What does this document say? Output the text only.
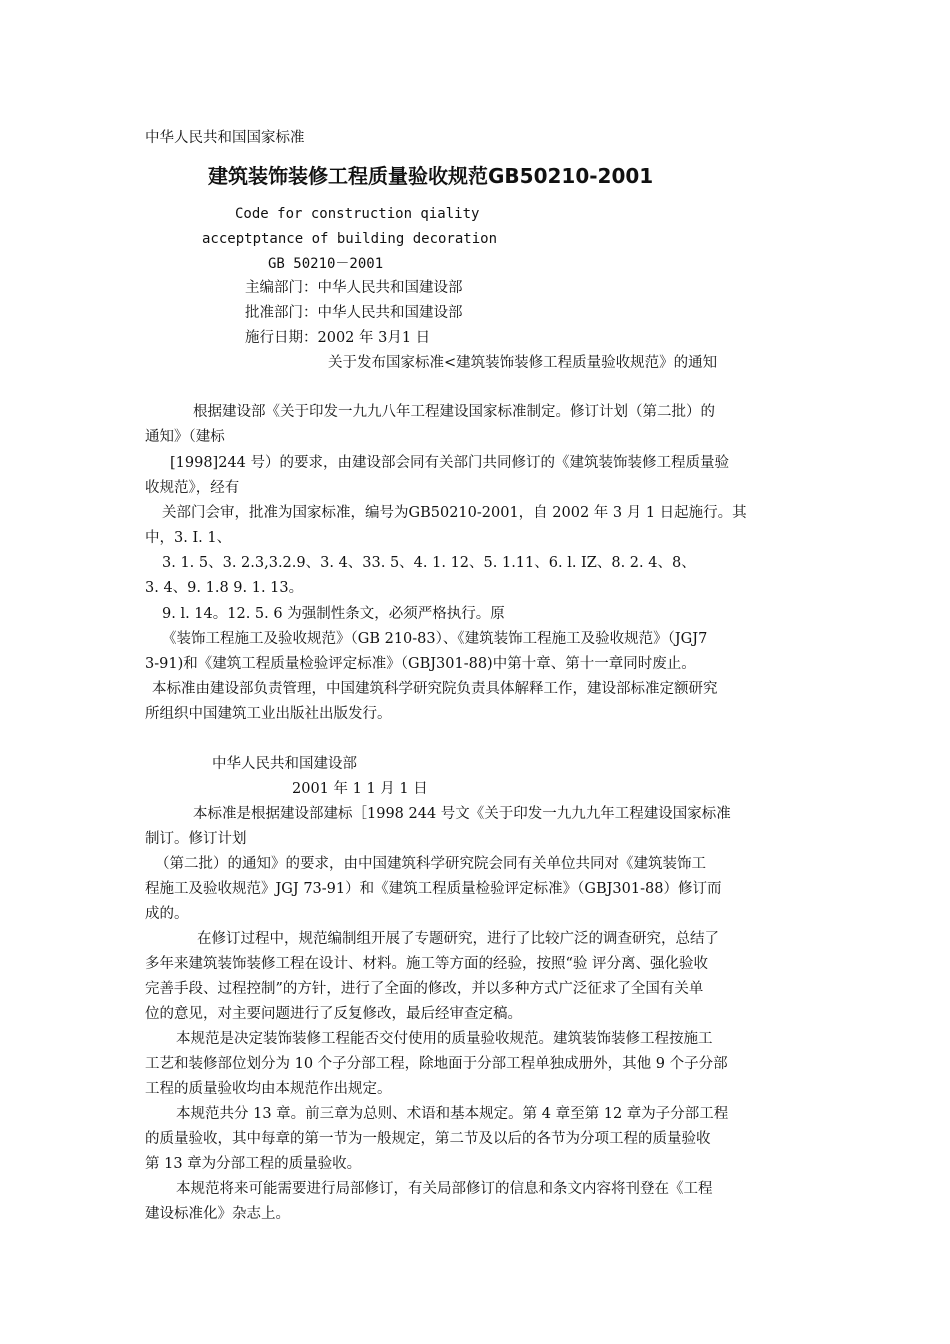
中华人民共和国国家标准
建筑装饰装修工程质量验收规范GB50210-2001
Code for construction qiality
acceptptance of building decoration
GB 50210－2001
主编部门：中华人民共和国建设部
批准部门：中华人民共和国建设部
施行日期：2002 年 3月1 日
关于发布国家标准<建筑装饰装修工程质量验收规范》的通知
根据建设部《关于印发一九九八年工程建设国家标准制定。修订计划（第二批）的
通知》（建标
[1998]244 号）的要求，由建设部会同有关部门共同修订的《建筑装饰装修工程质量验
收规范》，经有
关部门会审，批准为国家标准，编号为GB50210-2001，自 2002 年 3 月 1 日起施行。其
中，3. I. 1、
3. 1. 5、3. 2.3,3.2.9、3. 4、33. 5、4. 1. 12、5. 1.11、6. l. IZ、8. 2. 4、8、
3. 4、9. 1.8 9. 1. 13。
9. l. 14。12. 5. 6 为强制性条文，必须严格执行。原
《装饰工程施工及验收规范》（GB 210-83）、《建筑装饰工程施工及验收规范》（JGJ7
3-91)和《建筑工程质量检验评定标准》（GBJ301-88)中第十章、第十一章同时废止。
本标准由建设部负责管理，中国建筑科学研究院负责具体解释工作，建设部标准定额研究
所组织中国建筑工业出版社出版发行。
中华人民共和国建设部
2001 年 1 1 月 1 日
本标准是根据建设部建标［1998 244 号文《关于印发一九九九年工程建设国家标准
制订。修订计划
（第二批）的通知》的要求，由中国建筑科学研究院会同有关单位共同对《建筑装饰工
程施工及验收规范》JGJ 73-91）和《建筑工程质量检验评定标准》（GBJ301-88）修订而
成的。
在修订过程中，规范编制组开展了专题研究，进行了比较广泛的调查研究，总结了
多年来建筑装饰装修工程在设计、材料。施工等方面的经验，按照“验 评分离、强化验收
完善手段、过程控制”的方针，进行了全面的修改，并以多种方式广泛征求了全国有关单
位的意见，对主要问题进行了反复修改，最后经审查定稿。
本规范是决定装饰装修工程能否交付使用的质量验收规范。建筑装饰装修工程按施工
工艺和装修部位划分为 10 个子分部工程，除地面于分部工程单独成册外，其他 9 个子分部
工程的质量验收均由本规范作出规定。
本规范共分 13 章。前三章为总则、术语和基本规定。第 4 章至第 12 章为子分部工程
的质量验收，其中每章的第一节为一般规定，第二节及以后的各节为分项工程的质量验收
第 13 章为分部工程的质量验收。
本规范将来可能需要进行局部修订，有关局部修订的信息和条文内容将刊登在《工程
建设标准化》杂志上。
